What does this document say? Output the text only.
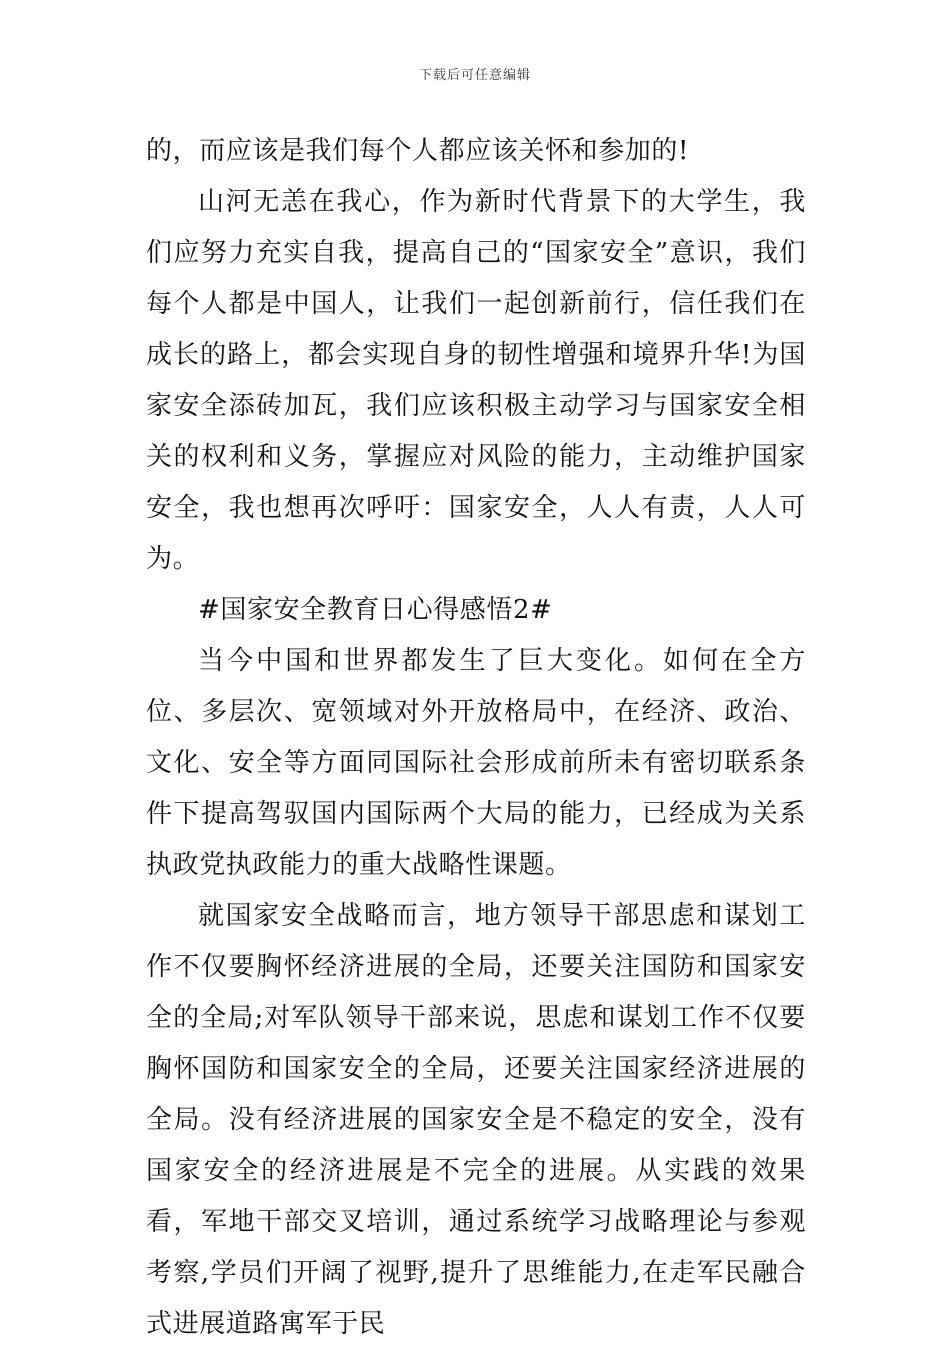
下载后可任意编辑

的，而应该是我们每个人都应该关怀和参加的!

山河无恙在我心，作为新时代背景下的大学生，我们应努力充实自我，提高自己的“国家安全”意识，我们每个人都是中国人，让我们一起创新前行，信任我们在成长的路上，都会实现自身的韧性增强和境界升华!为国家安全添砖加瓦，我们应该积极主动学习与国家安全相关的权利和义务，掌握应对风险的能力，主动维护国家安全，我也想再次呼吁：国家安全，人人有责，人人可为。

#国家安全教育日心得感悟2#

当今中国和世界都发生了巨大变化。如何在全方位、多层次、宽领域对外开放格局中，在经济、政治、文化、安全等方面同国际社会形成前所未有密切联系条件下提高驾驭国内国际两个大局的能力，已经成为关系执政党执政能力的重大战略性课题。

就国家安全战略而言，地方领导干部思虑和谋划工作不仅要胸怀经济进展的全局，还要关注国防和国家安全的全局;对军队领导干部来说，思虑和谋划工作不仅要胸怀国防和国家安全的全局，还要关注国家经济进展的全局。没有经济进展的国家安全是不稳定的安全，没有国家安全的经济进展是不完全的进展。从实践的效果看，军地干部交叉培训，通过系统学习战略理论与参观考察,学员们开阔了视野,提升了思维能力,在走军民融合式进展道路寓军于民
